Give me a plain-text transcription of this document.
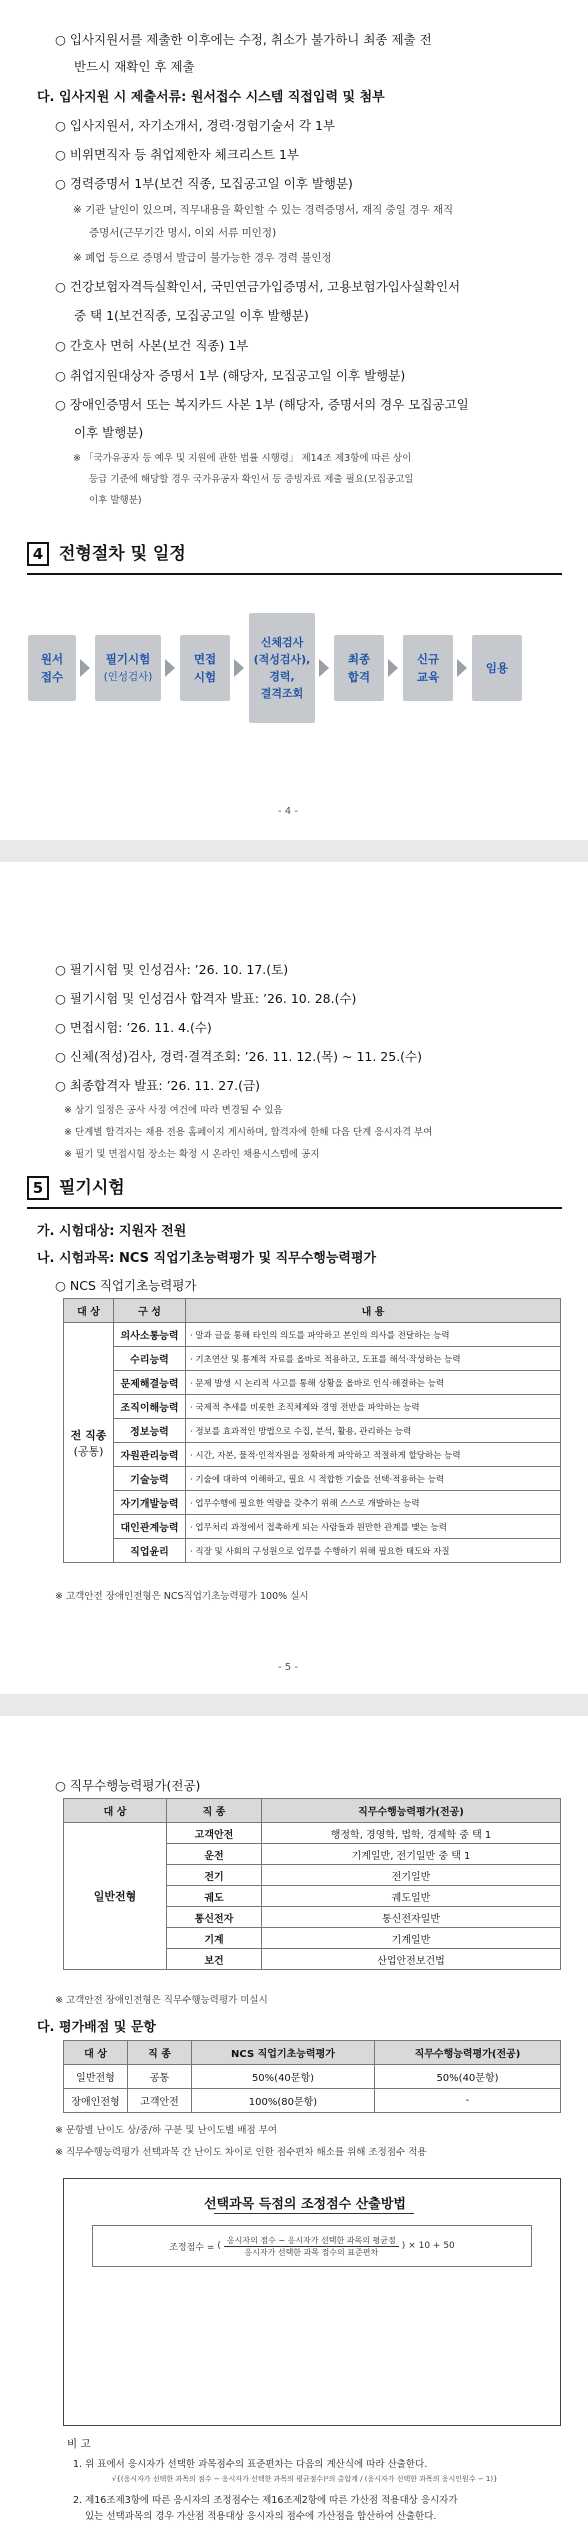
○ 입사지원서를 제출한 이후에는 수정, 취소가 불가하니 최종 제출 전
반드시 재확인 후 제출
다. 입사지원 시 제출서류: 원서접수 시스템 직접입력 및 첨부
○ 입사지원서, 자기소개서, 경력·경험기술서 각 1부
○ 비위면직자 등 취업제한자 체크리스트 1부
○ 경력증명서 1부(보건 직종, 모집공고일 이후 발행분)
※ 기관 날인이 있으며, 직무내용을 확인할 수 있는 경력증명서, 재직 중일 경우 재직
증명서(근무기간 명시, 이외 서류 미인정)
※ 폐업 등으로 증명서 발급이 불가능한 경우 경력 불인정
○ 건강보험자격득실확인서, 국민연금가입증명서, 고용보험가입사실확인서
중 택 1(보건직종, 모집공고일 이후 발행분)
○ 간호사 면허 사본(보건 직종) 1부
○ 취업지원대상자 증명서 1부 (해당자, 모집공고일 이후 발행분)
○ 장애인증명서 또는 복지카드 사본 1부 (해당자, 증명서의 경우 모집공고일
이후 발행분)
※ 「국가유공자 등 예우 및 지원에 관한 법률 시행령」 제14조 제3항에 따른 상이
등급 기준에 해당할 경우 국가유공자 확인서 등 증빙자료 제출 필요(모집공고일
이후 발행분)
4 전형절차 및 일정
원서
접수
필기시험
(인성검사)
면접
시험
신체검사
(적성검사),
경력,
결격조회
최종
합격
신규
교육
임용
- 4 -
○ 필기시험 및 인성검사: ’26. 10. 17.(토)
○ 필기시험 및 인성검사 합격자 발표: ’26. 10. 28.(수)
○ 면접시험: ’26. 11. 4.(수)
○ 신체(적성)검사, 경력·결격조회: ’26. 11. 12.(목) ~ 11. 25.(수)
○ 최종합격자 발표: ’26. 11. 27.(금)
※ 상기 일정은 공사 사정 여건에 따라 변경될 수 있음
※ 단계별 합격자는 채용 전용 홈페이지 게시하며, 합격자에 한해 다음 단계 응시자격 부여
※ 필기 및 면접시험 장소는 확정 시 온라인 채용시스템에 공지
5 필기시험
가. 시험대상: 지원자 전원
나. 시험과목: NCS 직업기초능력평가 및 직무수행능력평가
○ NCS 직업기초능력평가
대 상	구 성	내 용

전 직종
(공통)	의사소통능력	· 말과 글을 통해 타인의 의도를 파악하고 본인의 의사를 전달하는 능력
	수리능력	· 기초연산 및 통계적 자료를 올바로 적용하고, 도표를 해석·작성하는 능력
	문제해결능력	· 문제 발생 시 논리적 사고를 통해 상황을 올바로 인식·해결하는 능력
	조직이해능력	· 국제적 추세를 비롯한 조직체제와 경영 전반을 파악하는 능력
	정보능력	· 정보를 효과적인 방법으로 수집, 분석, 활용, 관리하는 능력
	자원관리능력	· 시간, 자본, 물적·인적자원을 정확하게 파악하고 적절하게 할당하는 능력
	기술능력	· 기술에 대하여 이해하고, 필요 시 적합한 기술을 선택·적용하는 능력
	자기개발능력	· 업무수행에 필요한 역량을 갖추기 위해 스스로 개발하는 능력
	대인관계능력	· 업무처리 과정에서 접촉하게 되는 사람들과 원만한 관계를 맺는 능력
	직업윤리	· 직장 및 사회의 구성원으로 업무를 수행하기 위해 필요한 태도와 자질
※ 고객안전 장애인전형은 NCS직업기초능력평가 100% 실시
- 5 -
○ 직무수행능력평가(전공)
대 상	직 종	직무수행능력평가(전공)
일반전형	고객안전	행정학, 경영학, 법학, 경제학 중 택 1
	운전	기계일반, 전기일반 중 택 1
	전기	전기일반
	궤도	궤도일반
	통신전자	통신전자일반
	기계	기계일반
	보건	산업안전보건법
※ 고객안전 장애인전형은 직무수행능력평가 미실시
다. 평가배점 및 문항
대 상	직 종	NCS 직업기초능력평가	직무수행능력평가(전공)
일반전형	공통	50%(40문항)	50%(40문항)
장애인전형	고객안전	100%(80문항)	-
※ 문항별 난이도 상/중/하 구분 및 난이도별 배점 부여
※ 직무수행능력평가 선택과목 간 난이도 차이로 인한 점수편차 해소를 위해 조정점수 적용
선택과목 득점의 조정점수 산출방법
조정점수 = ( $\frac{\text{응시자의 점수 − 응시자가 선택한 과목의 평균점}}{\text{응시자가 선택한 과목 점수의 표준편차}}$ ) × 10 + 50
비 고
1. 위 표에서 응시자가 선택한 과목점수의 표준편차는 다음의 계산식에 따라 산출한다.
√{(응시자가 선택한 과목의 점수 − 응시자가 선택한 과목의 평균점수)²의 총합계 / (응시자가 선택한 과목의 응시인원수 − 1)}
2. 제16조제3항에 따른 응시자의 조정점수는 제16조제2항에 따른 가산점 적용대상 응시자가
있는 선택과목의 경우 가산점 적용대상 응시자의 점수에 가산점을 합산하여 산출한다.
